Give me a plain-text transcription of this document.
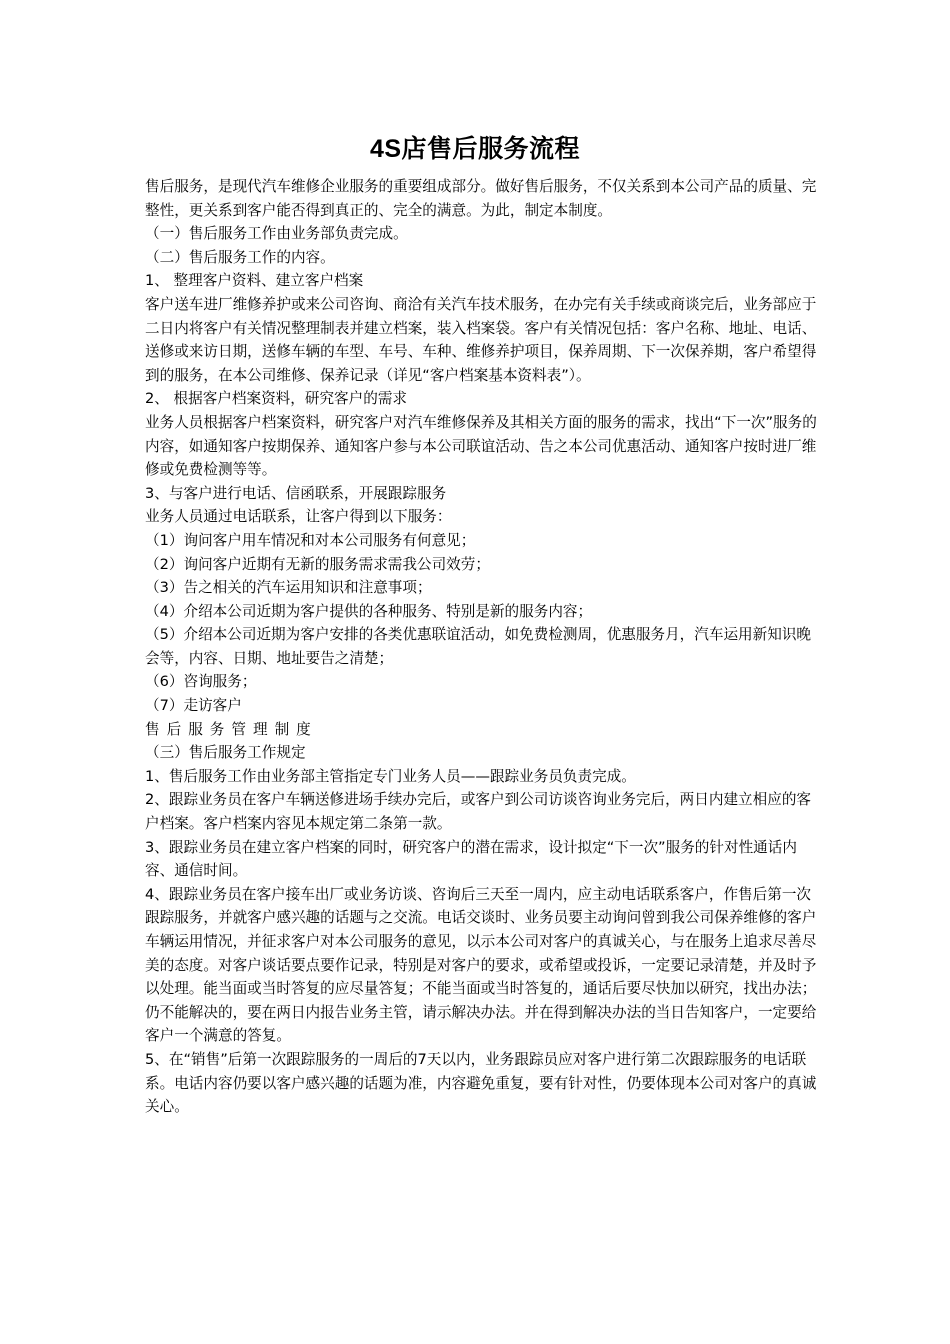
4S店售后服务流程

售后服务，是现代汽车维修企业服务的重要组成部分。做好售后服务，不仅关系到本公司产品的质量、完整性，更关系到客户能否得到真正的、完全的满意。为此，制定本制度。

（一）售后服务工作由业务部负责完成。

（二）售后服务工作的内容。

1、 整理客户资料、建立客户档案

客户送车进厂维修养护或来公司咨询、商洽有关汽车技术服务，在办完有关手续或商谈完后，业务部应于二日内将客户有关情况整理制表并建立档案，装入档案袋。客户有关情况包括：客户名称、地址、电话、送修或来访日期，送修车辆的车型、车号、车种、维修养护项目，保养周期、下一次保养期，客户希望得到的服务，在本公司维修、保养记录（详见“客户档案基本资料表”）。

2、 根据客户档案资料，研究客户的需求

业务人员根据客户档案资料，研究客户对汽车维修保养及其相关方面的服务的需求，找出“下一次”服务的内容，如通知客户按期保养、通知客户参与本公司联谊活动、告之本公司优惠活动、通知客户按时进厂维修或免费检测等等。

3、与客户进行电话、信函联系，开展跟踪服务

业务人员通过电话联系，让客户得到以下服务：

（1）询问客户用车情况和对本公司服务有何意见；

（2）询问客户近期有无新的服务需求需我公司效劳；

（3）告之相关的汽车运用知识和注意事项；

（4）介绍本公司近期为客户提供的各种服务、特别是新的服务内容；

（5）介绍本公司近期为客户安排的各类优惠联谊活动，如免费检测周，优惠服务月，汽车运用新知识晚会等，内容、日期、地址要告之清楚；

（6）咨询服务；

（7）走访客户

售后服务管理制度

（三）售后服务工作规定

1、售后服务工作由业务部主管指定专门业务人员——跟踪业务员负责完成。

2、跟踪业务员在客户车辆送修进场手续办完后，或客户到公司访谈咨询业务完后，两日内建立相应的客户档案。客户档案内容见本规定第二条第一款。

3、跟踪业务员在建立客户档案的同时，研究客户的潜在需求，设计拟定“下一次”服务的针对性通话内容、通信时间。

4、跟踪业务员在客户接车出厂或业务访谈、咨询后三天至一周内，应主动电话联系客户，作售后第一次跟踪服务，并就客户感兴趣的话题与之交流。电话交谈时、业务员要主动询问曾到我公司保养维修的客户车辆运用情况，并征求客户对本公司服务的意见，以示本公司对客户的真诚关心，与在服务上追求尽善尽美的态度。对客户谈话要点要作记录，特别是对客户的要求，或希望或投诉，一定要记录清楚，并及时予以处理。能当面或当时答复的应尽量答复；不能当面或当时答复的，通话后要尽快加以研究，找出办法；仍不能解决的，要在两日内报告业务主管，请示解决办法。并在得到解决办法的当日告知客户，一定要给客户一个满意的答复。

5、在“销售”后第一次跟踪服务的一周后的7天以内，业务跟踪员应对客户进行第二次跟踪服务的电话联系。电话内容仍要以客户感兴趣的话题为准，内容避免重复，要有针对性，仍要体现本公司对客户的真诚关心。
